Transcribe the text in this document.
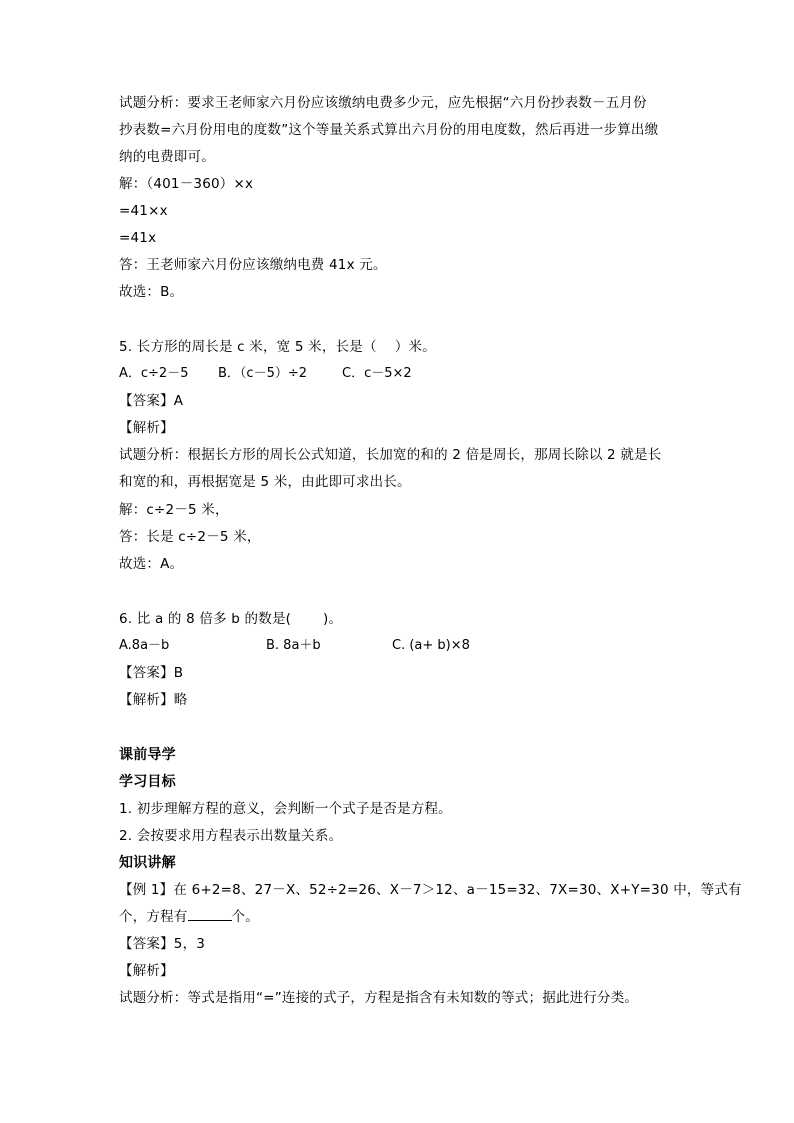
试题分析：要求王老师家六月份应该缴纳电费多少元，应先根据“六月份抄表数－五月份
抄表数=六月份用电的度数”这个等量关系式算出六月份的用电度数，然后再进一步算出缴
纳的电费即可。
解：（401－360）×x
=41×x
=41x
答：王老师家六月份应该缴纳电费 41x 元。
故选：B。
5. 长方形的周长是 c 米，宽 5 米，长是（　 ）米。
A．c÷2－5 B．（c－5）÷2	C．c－5×2
【答案】A
【解析】
试题分析：根据长方形的周长公式知道，长加宽的和的 2 倍是周长，那周长除以 2 就是长
和宽的和，再根据宽是 5 米，由此即可求出长。
解：c÷2－5 米，
答：长是 c÷2－5 米，
故选：A。
6. 比 a 的 8 倍多 b 的数是(　　 )。
A.8a－b	B. 8a＋b	C. (a+ b)×8
【答案】B
【解析】略
课前导学
学习目标
1. 初步理解方程的意义，会判断一个式子是否是方程。
2. 会按要求用方程表示出数量关系。
知识讲解
【例 1】在 6+2=8、27－X、52÷2=26、X－7＞12、a－15=32、7X=30、X+Y=30 中，等式有
个，方程有	个。
【答案】5，3
【解析】
试题分析：等式是指用“=”连接的式子，方程是指含有未知数的等式；据此进行分类。
